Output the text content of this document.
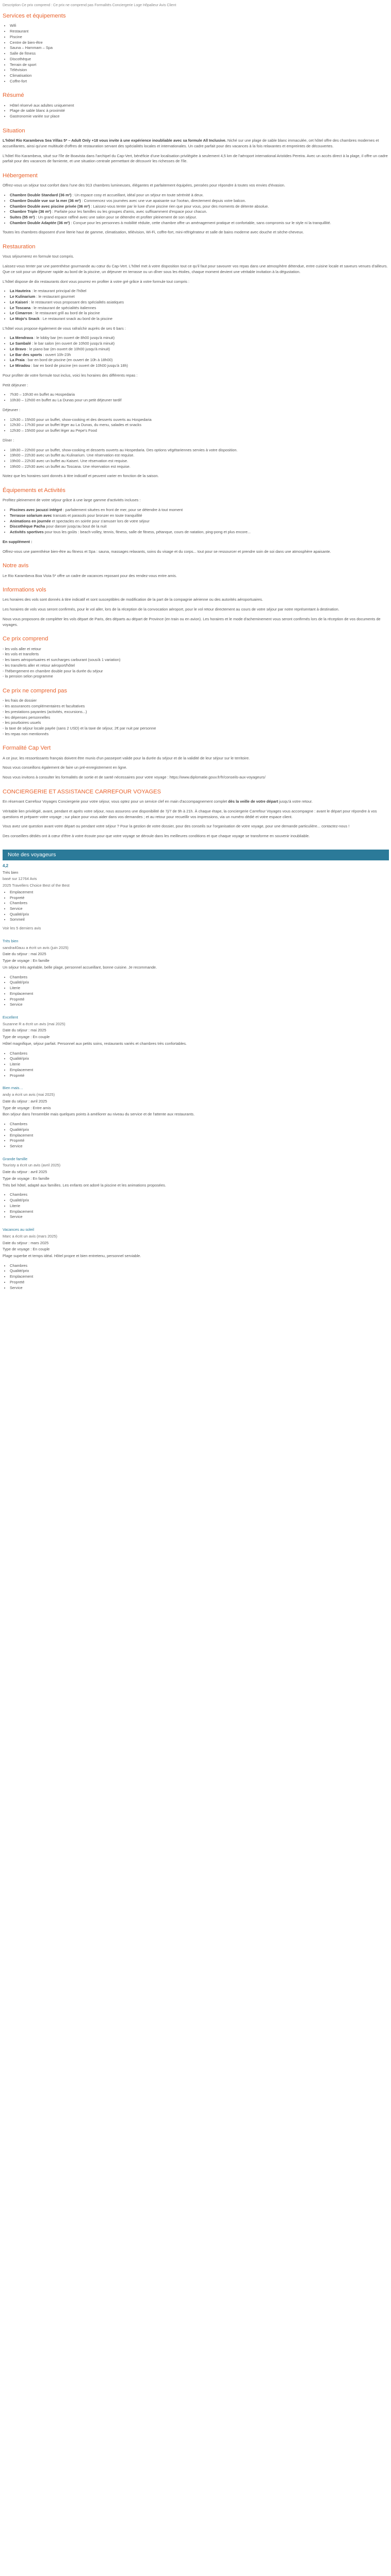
Description Ce prix comprend : Ce prix ne comprend pas Formalités Conciergerie Loge Hôpalieur Avis Client

Services et équipements
• Wifi
• Restaurant
• Piscine
• Centre de bien-être
• Sauna – Hammam – Spa
• Salle de fitness
• Discothèque
• Terrain de sport
• Télévision
• Climatisation
• Coffre-fort
Résumé
• Hôtel réservé aux adultes uniquement
• Plage de sable blanc à proximité
• Gastronomie variée sur place
Situation

L'hôtel Rio Karambeva Sea Villas 5* – Adult Only +18 vous invite à une expérience inoubliable avec sa formule All Inclusive. Niché sur une plage de sable blanc immaculée, cet hôtel offre des chambres modernes et accueillantes, ainsi qu'une multitude d'offres de restauration servant des spécialités locales et internationales. Un cadre parfait pour des vacances à la fois relaxantes et empreintes de découvertes.

L'hôtel Rio Karambeva, situé sur l'île de Boavista dans l'archipel du Cap-Vert, bénéficie d'une localisation privilégiée à seulement 4,5 km de l'aéroport international Aristides Pereira. Avec un accès direct à la plage, il offre un cadre parfait pour des vacances de farniente, et une situation centrale permettant de découvrir les richesses de l'île.

Hébergement

Offrez-vous un séjour tout confort dans l'une des 913 chambres lumineuses, élégantes et parfaitement équipées, pensées pour répondre à toutes vos envies d'évasion.

• Chambre Double Standard (36 m²) : Un espace cosy et accueillant, idéal pour un séjour en toute sérénité à deux.
• Chambre Double vue sur la mer (36 m²) : Commencez vos journées avec une vue apaisante sur l'océan, directement depuis votre balcon.
• Chambre Double avec piscine privée (36 m²) : Laissez-vous tenter par le luxe d'une piscine rien que pour vous, pour des moments de détente absolue.
• Chambre Triple (36 m²) : Parfaite pour les familles ou les groupes d'amis, avec suffisamment d'espace pour chacun.
• Suites (55 m²) : Un grand espace raffiné avec une salon pour se détendre et profiter pleinement de son séjour.
• Chambre Double Adaptée (36 m²) : Conçue pour les personnes à mobilité réduite, cette chambre offre un aménagement pratique et confortable, sans compromis sur le style ni la tranquillité.

Toutes les chambres disposent d'une literie haut de gamme, climatisation, télévision, Wi-Fi, coffre-fort, mini-réfrigérateur et salle de bains moderne avec douche et sèche-cheveux.

Restauration

Vous séjournerez en formule tout compris.

Laissez-vous tenter par une parenthèse gourmande au cœur du Cap-Vert. L'hôtel met à votre disposition tout ce qu'il faut pour savourer vos repas dans une atmosphère détendue, entre cuisine locale et saveurs venues d'ailleurs. Que ce soit pour un déjeuner rapide au bord de la piscine, un déjeuner en terrasse ou un dîner sous les étoiles, chaque moment devient une véritable invitation à la dégustation.

L'hôtel dispose de dix restaurants dont vous pourrez en profiter à votre gré grâce à votre formule tout compris :

• La Hauteira : le restaurant principal de l'hôtel
• Le Kulinarium : le restaurant gourmet
• Le Kaiseri : le restaurant vous proposant des spécialités asiatiques
• Le Toscana : le restaurant de spécialités italiennes
• Le Cimarron : le restaurant grill au bord de la piscine
• Le Mojo's Snack : Le restaurant snack au bord de la piscine

L'hôtel vous propose également de vous rafraîchir auprès de ses 6 bars :

• La Mendrava : le lobby bar (en ouvert de 8h00 jusqu'à minuit)
• Le Sambalé : le bar salon (en ouvert de 10h00 jusqu'à minuit)
• Le Bravo : le piano bar (en ouvert de 10h00 jusqu'à minuit)
• Le Bar des sports : ouvert 10h-23h
• La Praia : bar en bord de piscine (en ouvert de 10h à 18h00)
• Le Miradou : bar en bord de piscine (en ouvert de 10h00 jusqu'à 18h)

Pour profiter de votre formule tout inclus, voici les horaires des différents repas :

Petit déjeuner :

• 7h30 – 10h30 en buffet au Hospedaria
• 10h30 – 12h00 en buffet au La Dunas pour un petit déjeuner tardif

Déjeuner :

• 12h30 – 15h00 pour un buffet, show-cooking et des desserts ouverts au Hospedaria
• 12h30 – 17h30 pour un buffet léger au La Dunas, du menu, salades et snacks
• 12h30 – 15h00 pour un buffet léger au Pepe's Food

Dîner :

• 18h30 – 22h00 pour un buffet, show-cooking et desserts ouverts au Hospedaria. Des options végétariennes servies à votre disposition.
• 19h00 – 22h30 avec un buffet au Kulinarium. Une réservation est requise.
• 19h00 – 22h30 avec un buffet au Kaiseri. Une réservation est requise.
• 19h00 – 22h30 avec un buffet au Toscana. Une réservation est requise.

Notez que les horaires sont donnés à titre indicatif et peuvent varier en fonction de la saison.

Équipements et Activités

Profitez pleinement de votre séjour grâce à une large gamme d'activités incluses :

• Piscines avec jacuzzi intégré : parfaitement situées en front de mer, pour se détendre à tout moment
• Terrasse solarium avec transats et parasols pour bronzer en toute tranquillité
• Animations en journée et spectacles en soirée pour s'amuser lors de votre séjour
• Discothèque Pacha pour danser jusqu'au bout de la nuit
• Activités sportives pour tous les goûts : beach-volley, tennis, fitness, salle de fitness, pétanque, cours de natation, ping-pong et plus encore...

En supplément :

Offrez-vous une parenthèse bien-être au fitness et Spa : sauna, massages relaxants, soins du visage et du corps... tout pour se ressourcer et prendre soin de soi dans une atmosphère apaisante.

Notre avis

Le Rio Karambeva Boa Vista 5* offre un cadre de vacances reposant pour des rendez-vous entre amis.

Informations vols

Les horaires des vols sont donnés à titre indicatif et sont susceptibles de modification de la part de la compagnie aérienne ou des autorités aéroportuaires.

Les horaires de vols vous seront confirmés, pour le vol aller, lors de la réception de la convocation aéroport, pour le vol retour directement au cours de votre séjour par notre représentant à destination.

Nous vous proposons de compléter les vols départ de Paris, des départs au départ de Province (en train ou en avion). Les horaires et le mode d'acheminement vous seront confirmés lors de la réception de vos documents de voyages.

Ce prix comprend
- les vols aller et retour
- les vols et transferts
- les taxes aéroportuaires et surcharges carburant (sous/à 1 variation)
- les transferts aller et retour aéroport/hôtel
- l'hébergement en chambre double pour la durée du séjour
- la pension selon programme
Ce prix ne comprend pas
- les frais de dossier
- les assurances complémentaires et facultatives
- les prestations payantes (activités, excursions...)
- les dépenses personnelles
- les pourboires usuels
- la taxe de séjour locale payée (sans 2 USD) et la taxe de séjour, 2€ par nuit par personne
- les repas non mentionnés
Formalité Cap Vert

A ce jour, les ressortissants français doivent être munis d'un passeport valide pour la durée du séjour et de la validité de leur séjour sur le territoire.

Nous vous conseillons également de faire un pré-enregistrement en ligne.

Nous vous invitons à consulter les formalités de sortie et de santé nécessaires pour votre voyage : https://www.diplomatie.gouv.fr/fr/conseils-aux-voyageurs/

CONCIERGERIE ET ASSISTANCE CARREFOUR VOYAGES

En réservant Carrefour Voyages Conciergerie pour votre séjour, vous optez pour un service clef en main d'accompagnement complet dès la veille de votre départ jusqu'à votre retour.

Véritable lien privilégié, avant, pendant et après votre séjour, nous assurons une disponibilité de 7j/7 de 9h à 21h. À chaque étape, la conciergerie Carrefour Voyages vous accompagne : avant le départ pour répondre à vos questions et préparer votre voyage ; sur place pour vous aider dans vos demandes ; et au retour pour recueillir vos impressions, via un numéro dédié et votre espace client.

Vous avez une question avant votre départ ou pendant votre séjour ? Pour la gestion de votre dossier, pour des conseils sur l'organisation de votre voyage, pour une demande particulière... contactez-nous !

Des conseillers dédiés ont à cœur d'être à votre écoute pour que votre voyage se déroule dans les meilleures conditions et que chaque voyage se transforme en souvenir inoubliable.

Note des voyageurs
4,2
Très bien
basé sur 12764 Avis
2025 Travellers Choice Best of the Best
• Emplacement
• Propreté
• Chambres
• Service
• Qualité/prix
• Sommeil
Voir les 5 derniers avis
Très bien
sandra40auu a écrit un avis (juin 2025)
Date du séjour : mai 2025
Type de voyage : En famille

Un séjour très agréable, belle plage, personnel accueillant, bonne cuisine. Je recommande.

• Chambres
• Qualité/prix
• Literie
• Emplacement
• Propreté
• Service
Excellent
Suzanne R a écrit un avis (mai 2025)
Date du séjour : mai 2025
Type de voyage : En couple

Hôtel magnifique, séjour parfait. Personnel aux petits soins, restaurants variés et chambres très confortables.

• Chambres
• Qualité/prix
• Literie
• Emplacement
• Propreté
Bien mais…
andy a écrit un avis (mai 2025)
Date du séjour : avril 2025
Type de voyage : Entre amis

Bon séjour dans l'ensemble mais quelques points à améliorer au niveau du service et de l'attente aux restaurants.

• Chambres
• Qualité/prix
• Emplacement
• Propreté
• Service
Grande famille
Touristy a écrit un avis (avril 2025)
Date du séjour : avril 2025
Type de voyage : En famille

Très bel hôtel, adapté aux familles. Les enfants ont adoré la piscine et les animations proposées.

• Chambres
• Qualité/prix
• Literie
• Emplacement
• Service
Vacances au soleil
Marc a écrit un avis (mars 2025)
Date du séjour : mars 2025
Type de voyage : En couple

Plage superbe et temps idéal. Hôtel propre et bien entretenu, personnel serviable.

• Chambres
• Qualité/prix
• Emplacement
• Propreté
• Service
